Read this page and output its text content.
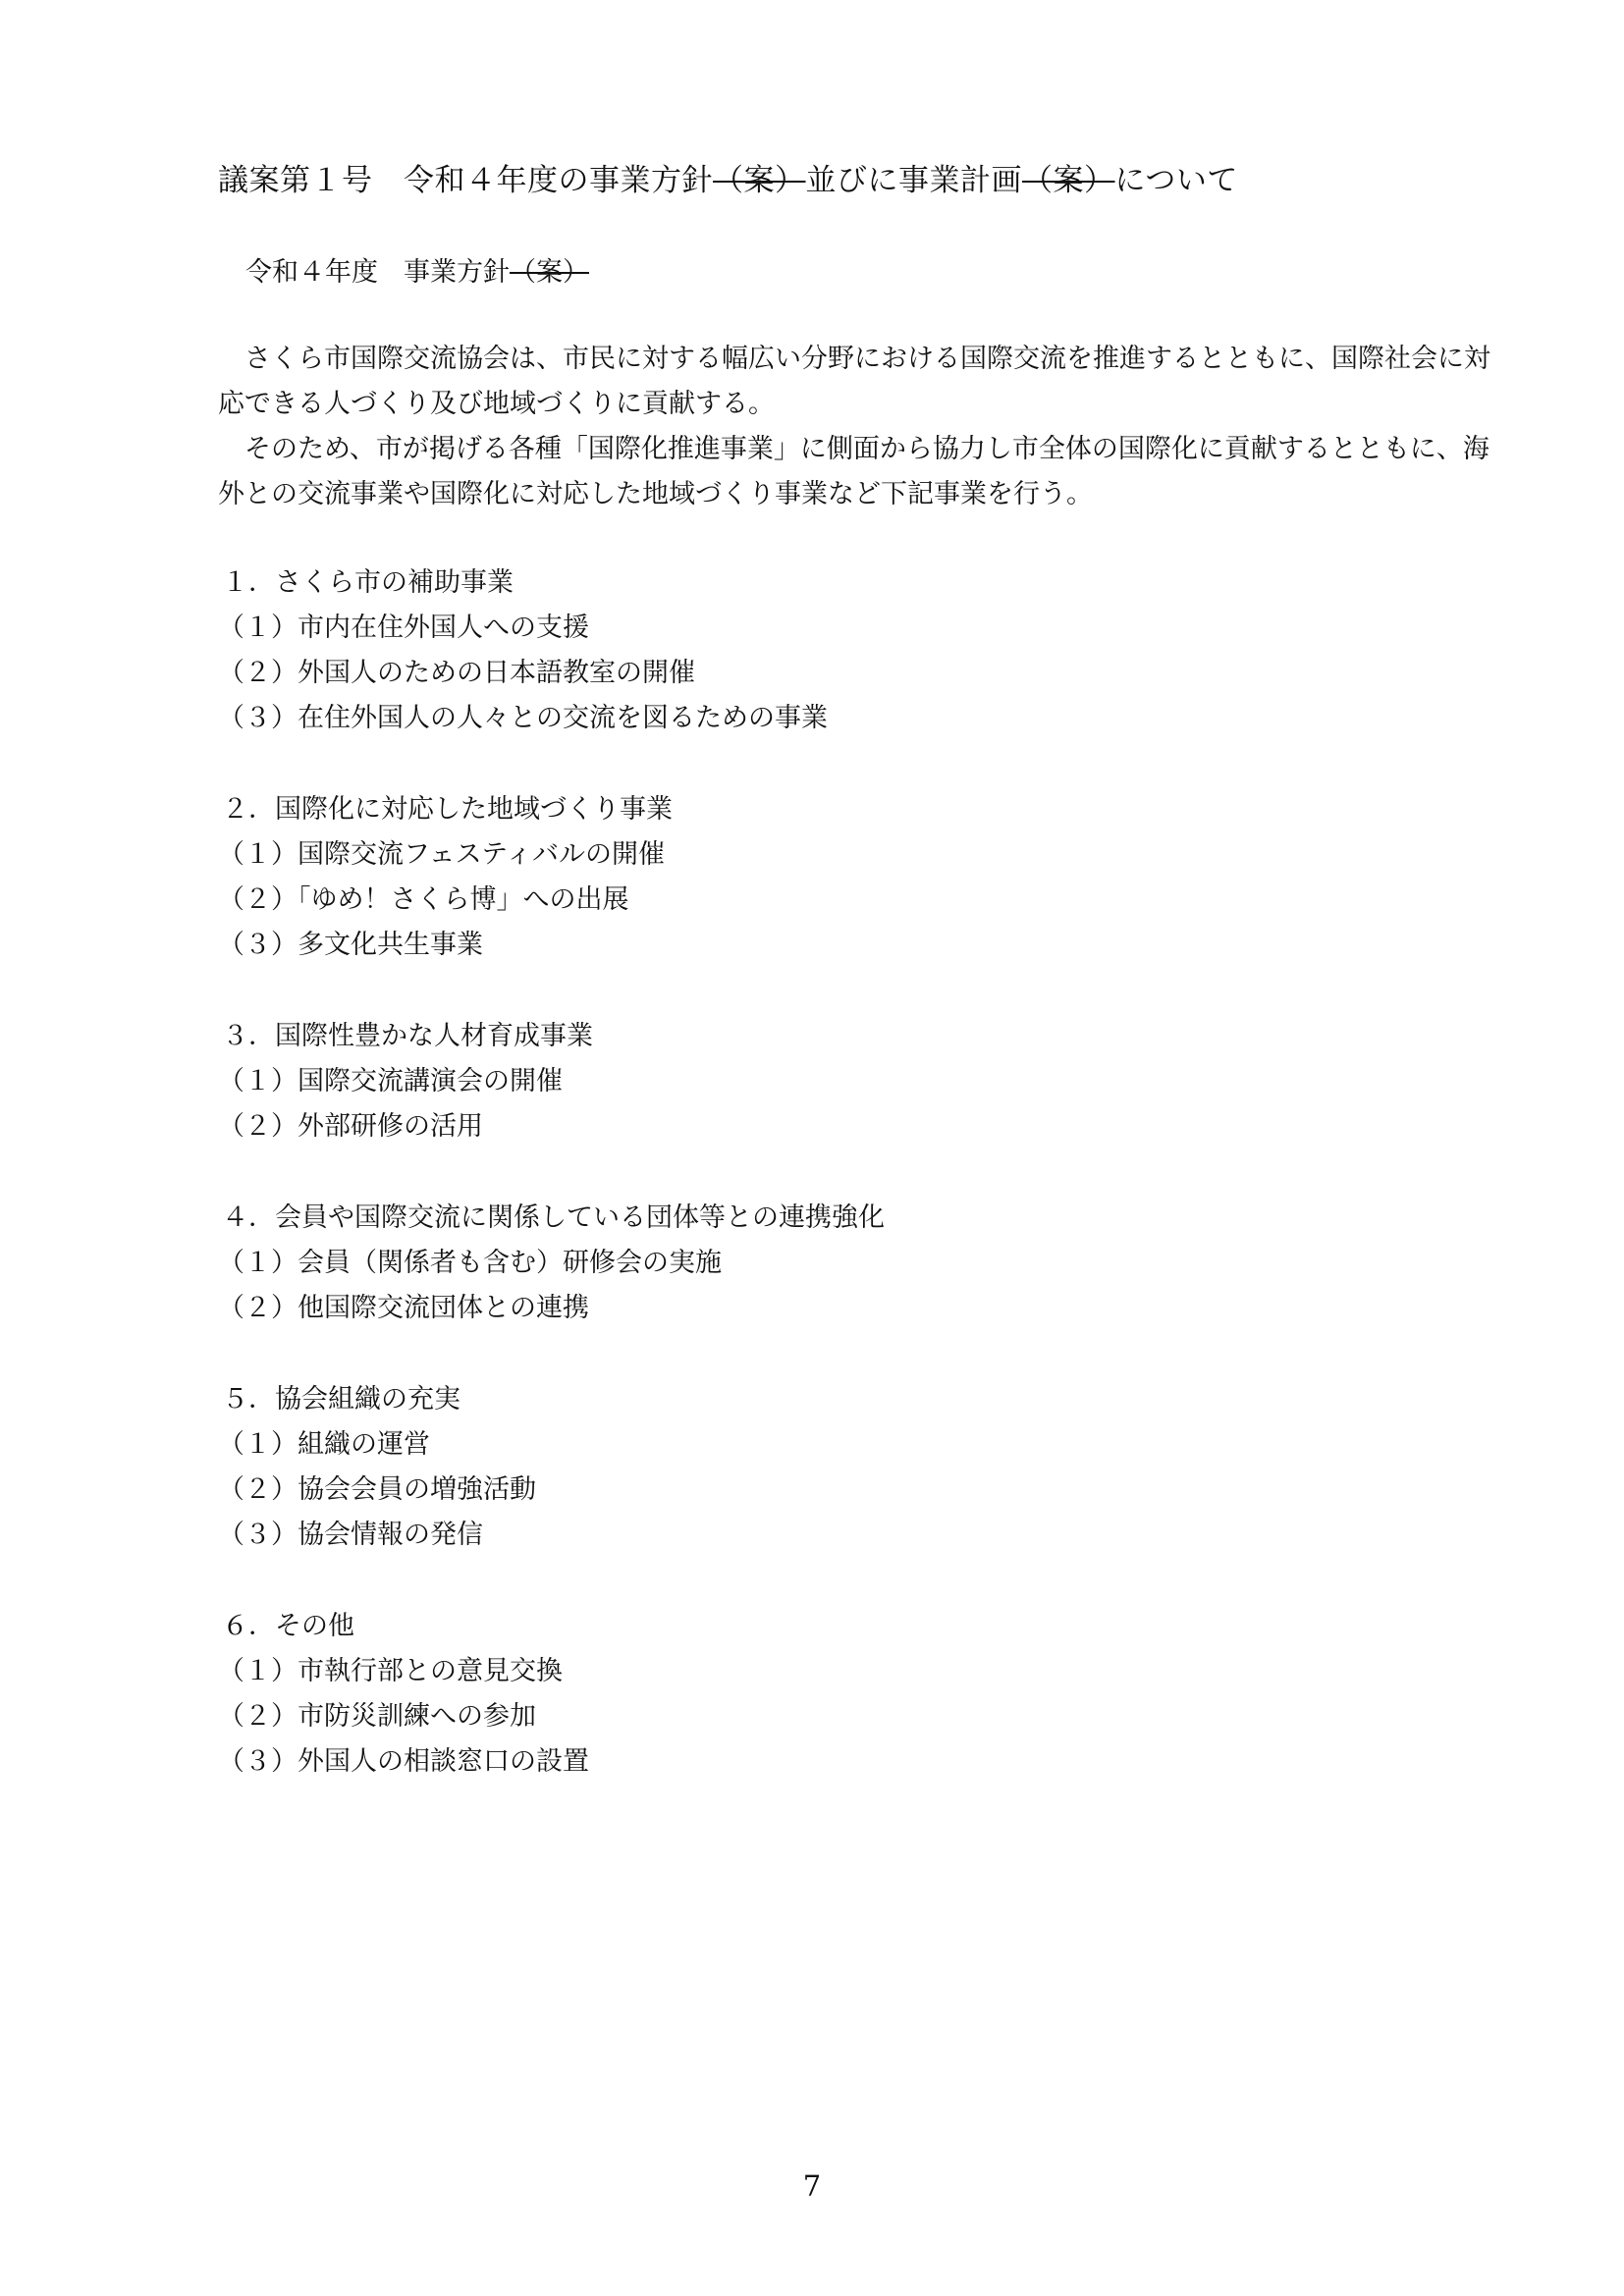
議案第１号　令和４年度の事業方針（案）並びに事業計画（案）について
令和４年度 事業方針（案）

さくら市国際交流協会は、市民に対する幅広い分野における国際交流を推進するとともに、国際社会に対応できる人づくり及び地域づくりに貢献する。

そのため、市が掲げる各種「国際化推進事業」に側面から協力し市全体の国際化に貢献するとともに、海外との交流事業や国際化に対応した地域づくり事業など下記事業を行う。

１．さくら市の補助事業
（１）市内在住外国人への支援
（２）外国人のための日本語教室の開催
（３）在住外国人の人々との交流を図るための事業
２．国際化に対応した地域づくり事業
（１）国際交流フェスティバルの開催
（２）「ゆめ！さくら博」への出展
（３）多文化共生事業
３．国際性豊かな人材育成事業
（１）国際交流講演会の開催
（２）外部研修の活用
４．会員や国際交流に関係している団体等との連携強化
（１）会員（関係者も含む）研修会の実施
（２）他国際交流団体との連携
５．協会組織の充実
（１）組織の運営
（２）協会会員の増強活動
（３）協会情報の発信
６．その他
（１）市執行部との意見交換
（２）市防災訓練への参加
（３）外国人の相談窓口の設置
7
